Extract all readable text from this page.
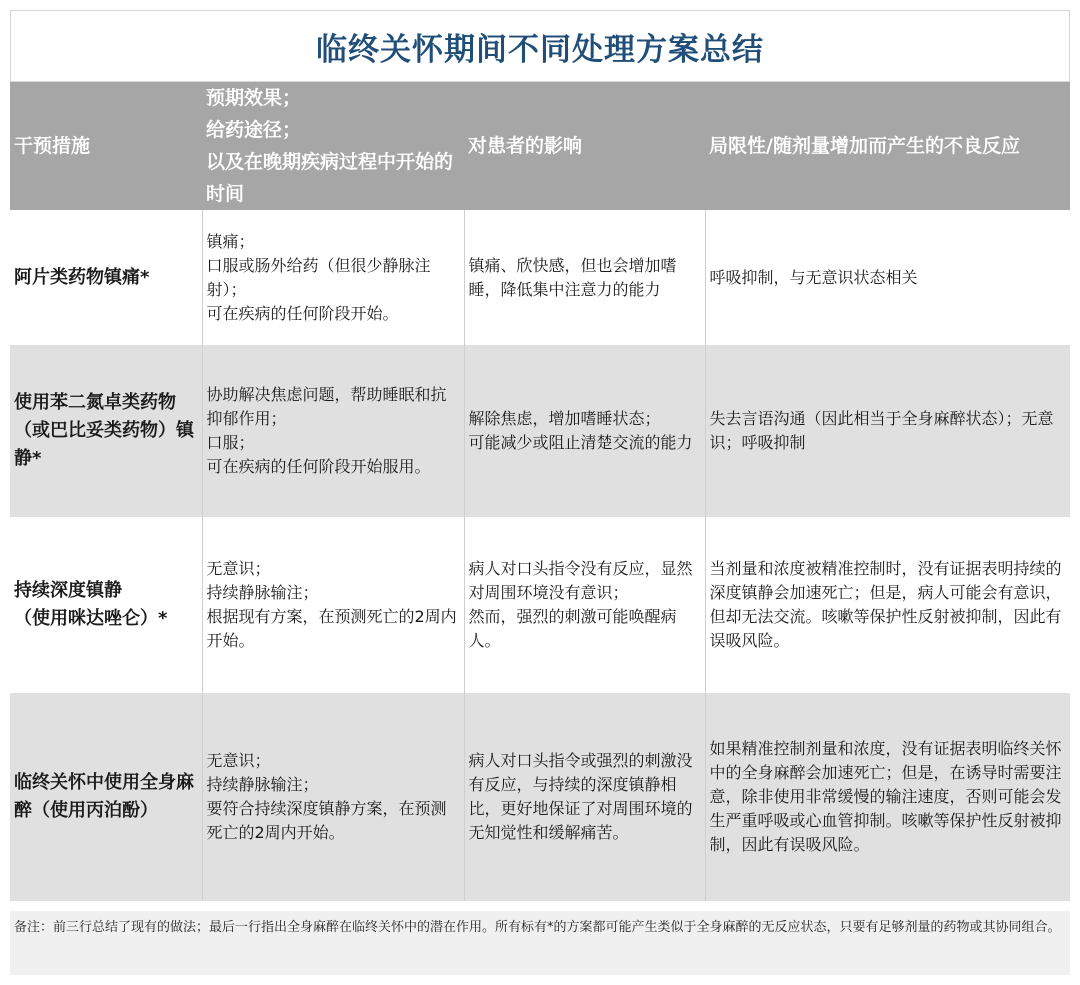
临终关怀期间不同处理方案总结
干预措施	预期效果；
给药途径；
以及在晚期疾病过程中开始的时间	对患者的影响	局限性/随剂量增加而产生的不良反应
阿片类药物镇痛*	镇痛；
口服或肠外给药（但很少静脉注射）；
可在疾病的任何阶段开始。	镇痛、欣快感，但也会增加嗜睡，降低集中注意力的能力	呼吸抑制，与无意识状态相关
使用苯二氮卓类药物（或巴比妥类药物）镇静*	协助解决焦虑问题，帮助睡眠和抗抑郁作用；
口服；
可在疾病的任何阶段开始服用。	解除焦虑，增加嗜睡状态；
可能减少或阻止清楚交流的能力	失去言语沟通（因此相当于全身麻醉状态）；无意识；呼吸抑制
持续深度镇静
（使用咪达唑仑）*	无意识；
持续静脉输注；
根据现有方案，在预测死亡的2周内开始。	病人对口头指令没有反应，显然对周围环境没有意识；
然而，强烈的刺激可能唤醒病人。	当剂量和浓度被精准控制时，没有证据表明持续的深度镇静会加速死亡；但是，病人可能会有意识，但却无法交流。咳嗽等保护性反射被抑制，因此有误吸风险。
临终关怀中使用全身麻醉（使用丙泊酚）	无意识；
持续静脉输注；
要符合持续深度镇静方案，在预测死亡的2周内开始。	病人对口头指令或强烈的刺激没有反应，与持续的深度镇静相比，更好地保证了对周围环境的无知觉性和缓解痛苦。	如果精准控制剂量和浓度，没有证据表明临终关怀中的全身麻醉会加速死亡；但是，在诱导时需要注意，除非使用非常缓慢的输注速度，否则可能会发生严重呼吸或心血管抑制。咳嗽等保护性反射被抑制，因此有误吸风险。
备注：前三行总结了现有的做法；最后一行指出全身麻醉在临终关怀中的潜在作用。所有标有*的方案都可能产生类似于全身麻醉的无反应状态，只要有足够剂量的药物或其协同组合。
